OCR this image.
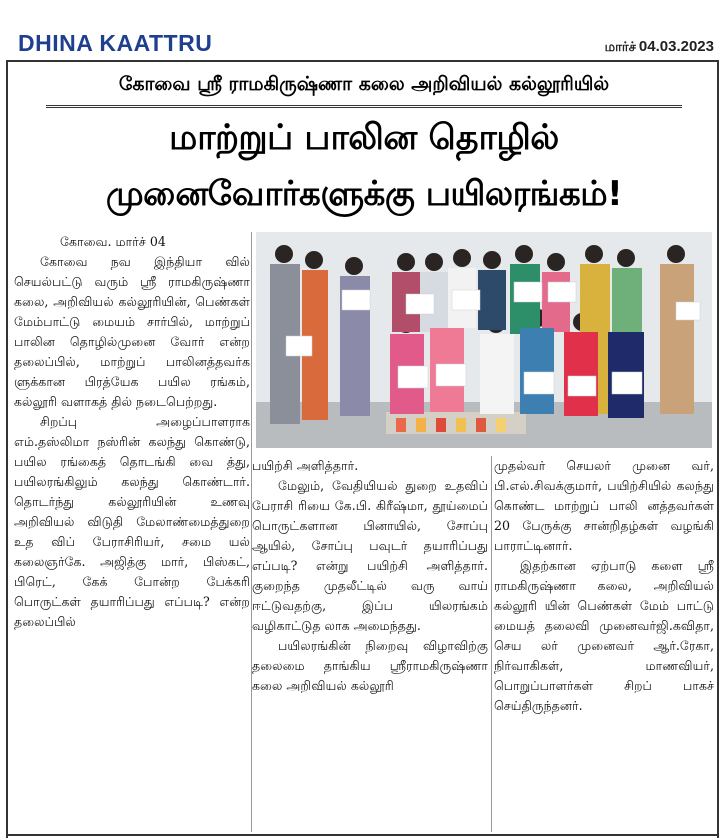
DHINA KAATTRU	மார்ச் 04.03.2023
கோவை ஸ்ரீ ராமகிருஷ்ணா கலை அறிவியல் கல்லூரியில்
மாற்றுப் பாலின தொழில்
முனைவோர்களுக்கு பயிலரங்கம்!

கோவை. மார்ச் 04

கோவை நவ இந்தியா வில் செயல்பட்டு வரும் ஸ்ரீ ராமகிருஷ்ணா கலை, அறிவியல் கல்லூரியின், பெண்கள் மேம்பாட்டு மையம் சார்பில், மாற்றுப் பாலின தொழில்முனை வோர் என்ற தலைப்பில், மாற்றுப் பாலினத்தவர்க ளுக்கான பிரத்யேக பயில ரங்கம், கல்லூரி வளாகத் தில் நடைபெற்றது.

சிறப்பு அழைப்பாளராக எம்.தஸ்லிமா நஸ்ரின் கலந்து கொண்டு, பயில ரங்கைத் தொடங்கி வை த்து, பயிலரங்கிலும் கலந்து கொண்டார். தொடர்ந்து கல்லூரியின் உணவு அறிவியல் விடுதி மேலாண்மைத்துறை உத விப் பேராசிரியர், சமை யல் கலைஞர்கே. அஜித்கு மார், பிஸ்கட், பிரெட், கேக் போன்ற பேக்கரி பொருட்கள் தயாரிப்பது எப்படி? என்ற தலைப்பில்

பயிற்சி அளித்தார்.

மேலும், வேதியியல் துறை உதவிப் பேராசி ரியை கே.பி. கிரீஷ்மா, தூய்மைப் பொருட்களான பினாயில், சோப்பு ஆயில், சோப்பு பவுடர் தயாரிப்பது எப்படி? என்று பயிற்சி அளித்தார். குறைந்த முதலீட்டில் வரு வாய் ஈட்டுவதற்கு, இப்ப யிலரங்கம் வழிகாட்டுத லாக அமைந்தது.

பயிலரங்கின் நிறைவு விழாவிற்கு தலைமை தாங்கிய ஸ்ரீராமகிருஷ்ணா கலை அறிவியல் கல்லூரி

முதல்வர் செயலர் முனை வர், பி.எல்.சிவக்குமார், பயிற்சியில் கலந்து கொண்ட மாற்றுப் பாலி னத்தவர்கள் 20 பேருக்கு சான்றிதழ்கள் வழங்கி பாராட்டினார்.

இதற்கான ஏற்பாடு களை ஸ்ரீ ராமகிருஷ்ணா கலை, அறிவியல் கல்லூரி யின் பெண்கள் மேம் பாட்டு மையத் தலைவி முனைவர்ஜி.கவிதா, செய லர் முனைவர் ஆர்.ரேகா, நிர்வாகிகள், மாணவியர், பொறுப்பாளர்கள் சிறப் பாகச் செய்திருந்தனர்.
